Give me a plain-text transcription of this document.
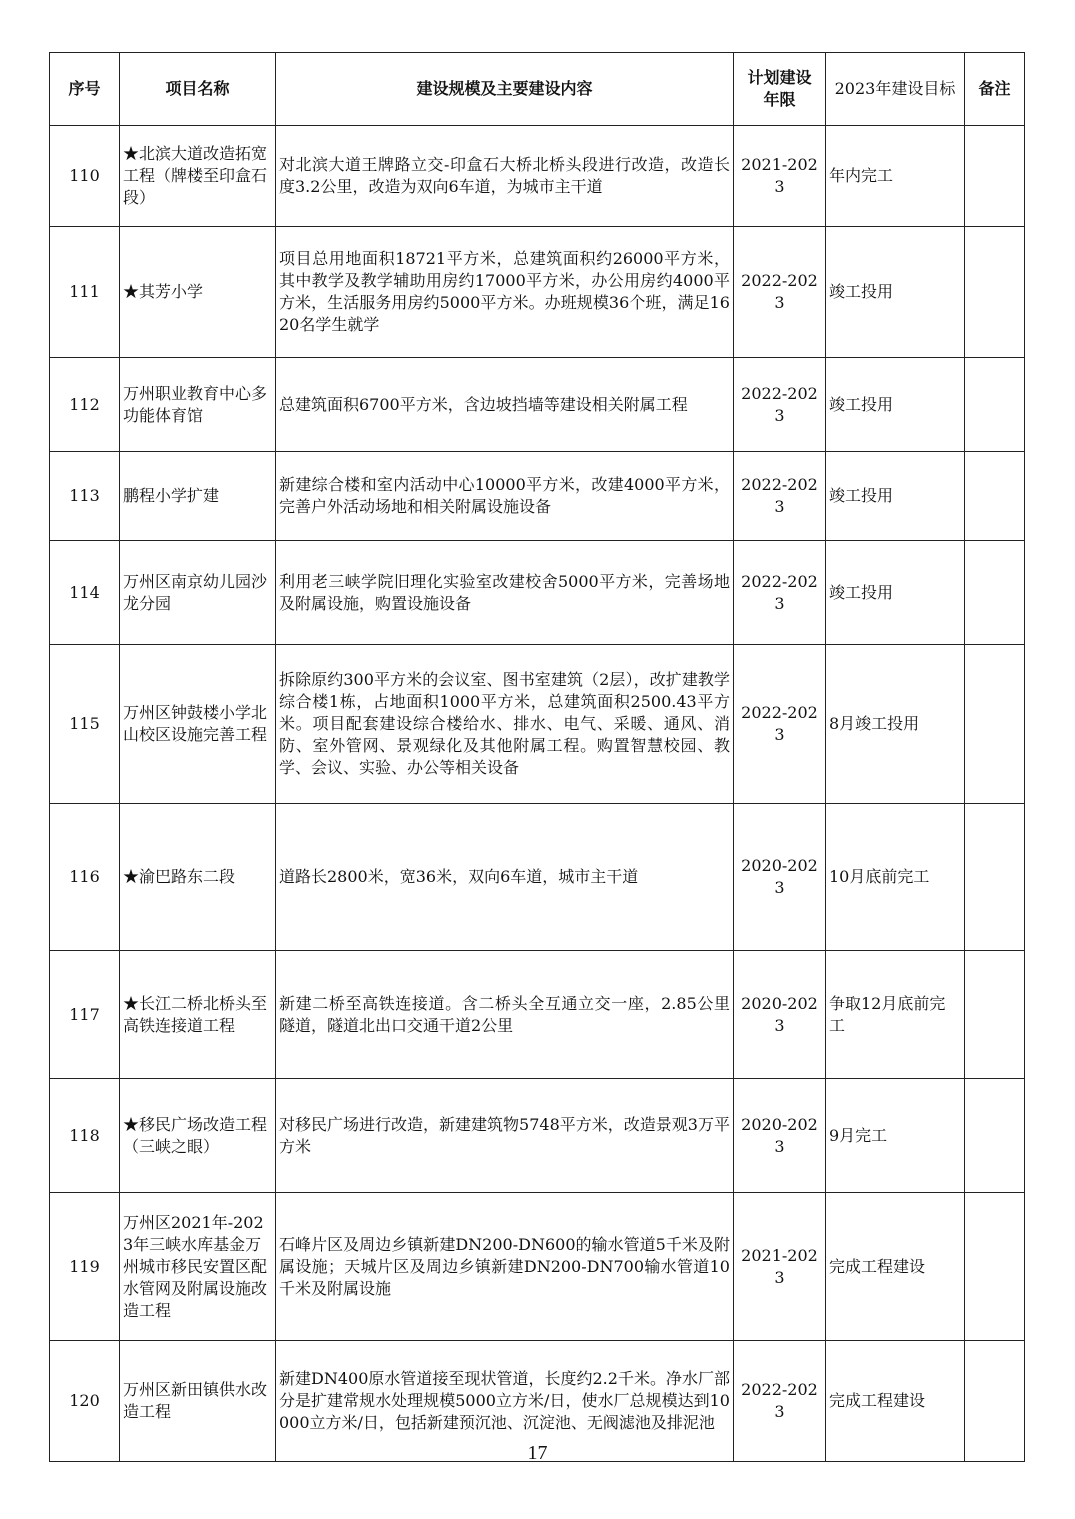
序号	项目名称	建设规模及主要建设内容	计划建设年限	2023年建设目标	备注
110	★北滨大道改造拓宽工程（牌楼至印盒石段）	对北滨大道王牌路立交-印盒石大桥北桥头段进行改造，改造长度3.2公里，改造为双向6车道，为城市主干道	2021-2023	年内完工	
111	★其芳小学	项目总用地面积18721平方米，总建筑面积约26000平方米，其中教学及教学辅助用房约17000平方米，办公用房约4000平方米，生活服务用房约5000平方米。办班规模36个班，满足1620名学生就学	2022-2023	竣工投用	
112	万州职业教育中心多功能体育馆	总建筑面积6700平方米，含边坡挡墙等建设相关附属工程	2022-2023	竣工投用	
113	鹏程小学扩建	新建综合楼和室内活动中心10000平方米，改建4000平方米，完善户外活动场地和相关附属设施设备	2022-2023	竣工投用	
114	万州区南京幼儿园沙龙分园	利用老三峡学院旧理化实验室改建校舍5000平方米，完善场地及附属设施，购置设施设备	2022-2023	竣工投用	
115	万州区钟鼓楼小学北山校区设施完善工程	拆除原约300平方米的会议室、图书室建筑（2层），改扩建教学综合楼1栋，占地面积1000平方米，总建筑面积2500.43平方米。项目配套建设综合楼给水、排水、电气、采暖、通风、消防、室外管网、景观绿化及其他附属工程。购置智慧校园、教学、会议、实验、办公等相关设备	2022-2023	8月竣工投用	
116	★渝巴路东二段	道路长2800米，宽36米，双向6车道，城市主干道	2020-2023	10月底前完工	
117	★长江二桥北桥头至高铁连接道工程	新建二桥至高铁连接道。含二桥头全互通立交一座，2.85公里隧道，隧道北出口交通干道2公里	2020-2023	争取12月底前完工	
118	★移民广场改造工程（三峡之眼）	对移民广场进行改造，新建建筑物5748平方米，改造景观3万平方米	2020-2023	9月完工	
119	万州区2021年-2023年三峡水库基金万州城市移民安置区配水管网及附属设施改造工程	石峰片区及周边乡镇新建DN200-DN600的输水管道5千米及附属设施；天城片区及周边乡镇新建DN200-DN700输水管道10千米及附属设施	2021-2023	完成工程建设	
120	万州区新田镇供水改造工程	新建DN400原水管道接至现状管道，长度约2.2千米。净水厂部分是扩建常规水处理规模5000立方米/日，使水厂总规模达到10000立方米/日，包括新建预沉池、沉淀池、无阀滤池及排泥池	2022-2023	完成工程建设	
17
